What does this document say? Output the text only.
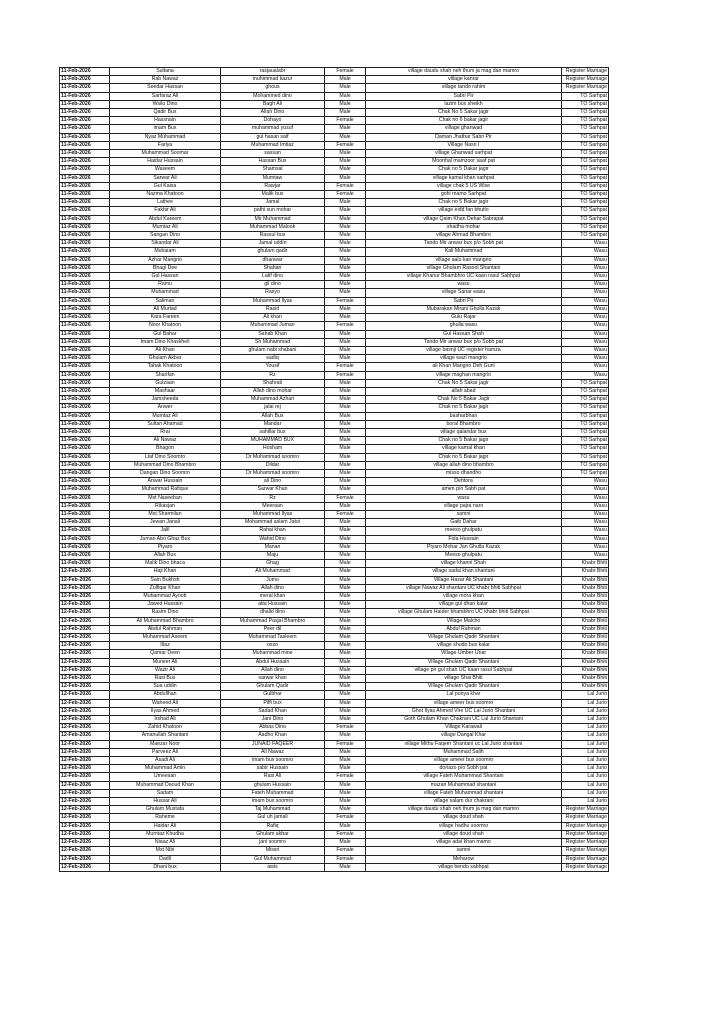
11-Feb-2026	Sultana	rasjaualabr	Female	village daudu shah neh thum ja mag dan mamro	Register Marriage
11-Feb-2026	Rab Nawaz	muhimmad kazur	Male	village kanrar	Register Marriage
11-Feb-2026	Seedar Hassan	ghous	Male	village tando rahim	Register Marriage
11-Feb-2026	Sarfaraz Ali	Mohammed dino	Male	Sabri Pir	TO Sarhpat
11-Feb-2026	Wsilu Dino	Bagh Ali	Male	lazim bux sheikh	TO Sarhpat
11-Feb-2026	Qadir Bux	Allah Dino	Male	Chak No 5 Sakar jagir	TO Sarhpat
11-Feb-2026	Hassnain	Dohayo	Female	Chak no 6 bakar jagir	TO Sarhpat
11-Feb-2026	imam Bux	muhammad yusuf	Male	village ghanwad	TO Sarhpat
11-Feb-2026	Nyaz Muhammad	gul hasan saif	Male	Daman Jhatbar Sabri Pir	TO Sarhpat
11-Feb-2026	Fariya	Muhammad Imtiaz	Female	Village Nasri I	TO Sarhpat
11-Feb-2026	Muhammad Soomar	sassan	Male	village Ghanwad sarhpat	TO Sarhpat
11-Feb-2026	Haidar Hussain	Hassan Bux	Male	Moonhal mamzoor saaf pat	TO Sarhpat
11-Feb-2026	Waseem	Shamsal	Male	Chak no 5 Dakar jagir	TO Sarhpat
11-Feb-2026	Sarwar Ali	Mumtaw	Male	village kamal khan sarhpat	TO Sarhpat
11-Feb-2026	Gul Kaisa	Rawjar	Female	village chak 5 US Wise	TO Sarhpat
11-Feb-2026	Nazma Khatoon	Malik bux	Female	gohi mamo Sarhpat	TO Sarhpat
11-Feb-2026	Lathee	Jamal	Male	Chak no 5 Bakar jagir	TO Sarhpat
11-Feb-2026	Fakhir Ali	pathi sun mohar	Male	village eidd fan bhutlo	TO Sarhpat
11-Feb-2026	Abdul Kareem	Mir Muhammad	Male	village Qaim Khan Dehar Sabrapat	TO Sarhpat
11-Feb-2026	Mumtaz Ali	Muhammad Malook	Male	shadha mohar	TO Sarhpat
11-Feb-2026	Sangan Dino	Rassul bux	Male	village Ahmad Bhambro	TO Sarhpat
11-Feb-2026	Sikandar Ali	Jamal uddin	Male	Tando Mir anwar bux p/o Sobh pat	Wasu
11-Feb-2026	Muhaiam	ghulam qadir	Male	Kali Muhammad	Wasu
11-Feb-2026	Azhar Mangrio	dhanwar	Male	village aalu kan mangrio	Wasu
11-Feb-2026	Bhagi Dee	Shahan	Male	village Ghulam Rasool Shantani	Wasu
11-Feb-2026	Gul Hassan	Latif dino	Male	village Khanur Bhambhro UC kaan rasul Sabhpat	Wasu
11-Feb-2026	Ramu	gil dino	Male	wasu	Wasu
11-Feb-2026	Muhammad	Rasyo	Male	village Sanar wasu	Wasu
11-Feb-2026	Saliman	Muhammad Ilyas	Female	Sabri Pir	Wasu
11-Feb-2026	Ali Murtad	Rasid	Male	Mubarakan Mirani Ghulla Kazak	Wasu
11-Feb-2026	Kara Fareen	Ali khan	Male	Gulu Rajar	Wasu
11-Feb-2026	Noor Khatoon	Muhammad Juman	Female	ghulla wasu	Wasu
11-Feb-2026	Gul Bahar	Sahab Khan	Male	Gul Hassan Shah	Wasu
11-Feb-2026	Imam Dino Khaskheli	Sh Muhammad	Male	Tando Mir anwar bux p/o Sobh pat	Wasu
11-Feb-2026	Ali Khan	ghulam nabi shabani	Male	village basnji UC register hamza	Wasu
11-Feb-2026	Ghulam Akbar	sadiq	Male	village wazi mangrio	Wasu
11-Feb-2026	Tahak Khatoon	Yousif	Female	ali Khan Mangrio Deh Guni	Wasu
11-Feb-2026	Sharifan	Rz	Female	village maghan mangrio	Wasu
11-Feb-2026	Gulzaan	Shahrati	Male	Chak No 5 Sakar jagir	TO Sarhpat
11-Feb-2026	Mashaar	Allah dino mohar	Male	allah abad	TO Sarhpat
11-Feb-2026	Jamsheeda	Muhammad Azhari	Male	Chak No 5 Bakar Jagir	TO Sarhpat
11-Feb-2026	Anwer	jalai rej	Male	Chak no 5 Bakar jagir	TO Sarhpat
11-Feb-2026	Mumtaz Ali	Allah Bux	Male	basharbhan	TO Sarhpat
11-Feb-2026	Sultan Ahamad	Mandar	Male	boral Bhambro	TO Sarhpat
11-Feb-2026	Rrai	sahillar bux	Male	village qalandar bux	TO Sarhpat
11-Feb-2026	Ali Nawaz	MUHAMMAD BUX	Male	Chak no 5 Bakar jagir	TO Sarhpat
11-Feb-2026	Bhagon	Hosham	Male	village kamal khan	TO Sarhpat
11-Feb-2026	Ltaf Dino Soomro	Dr Muhammad soomro	Male	Chak no 5 Bakar jagir	TO Sarhpat
11-Feb-2026	Muhammad Dino Bhambro	Dildar	Male	village allah dino bhambro	TO Sarhpat
11-Feb-2026	Dangan Dino Soomro	Dr Muhammad soomro	Male	misso dhandho	TO Sarhpat
11-Feb-2026	Anwar Hussain	ali Dino	Male	Dehtora	Wasu
11-Feb-2026	Muhammad Rafique	Sarwar Khan	Male	amen p/o Sabh pat	Wasu
11-Feb-2026	Mst Naseeban	Rz	Female	wasu	Wasu
11-Feb-2026	Rikasjan	Meeraan	Male	village pajra naro	Wasu
11-Feb-2026	Mst Sharmilan	Muhammad Ilyas	Female	samni	Wasu
11-Feb-2026	Jewan Janali	Mohammad aslam Jatoi	Male	Gaib Dahar	Wasu
11-Feb-2026	Jalil	Rahai khan	Male	meeso ghulpatu	Wasu
11-Feb-2026	Juman Abo Ghaz Bux	Wahid Dino	Male	Fida Hussain	Wasu
11-Feb-2026	Piyaro	Manan	Male	Piyaro Mohar Jan Ghulla Kazak	Wasu
11-Feb-2026	Allah Bux	Maju	Male	Meeso ghulpatu	Wasu
11-Feb-2026	Malik Dino bhaca	Ghag	Male	village khanni Shah	Khabr Bhiti
12-Feb-2026	Haji Khan	Ali Muhammad	Male	village sadai khan shantani	Khabr Bhiti
12-Feb-2026	Sain Bukhsh	Jumo	Male	Village Hasar Ali Shantani	Khabr Bhiti
12-Feb-2026	Zulfiqar Khan	Allah dino	Male	village Nawaz Ali shantani UC khabr bhiti Sabhpat	Khabr Bhiti
12-Feb-2026	Muhammad Ayoob	meral khan	Male	village mora khan	Khabr Bhiti
12-Feb-2026	Jawed Hussain	atta Hussain	Male	village gul dhan kalar	Khabr Bhiti
12-Feb-2026	Rasim Dino	dhalid dino	Male	village Ghulam Haider bhambhro UC khabr bhiti Sabhpat	Khabr Bhiti
12-Feb-2026	Ali Muhammad Bhambro	Muhammad Pasjal Bhambro	Male	Village Malcho	Khabr Bhiti
12-Feb-2026	Abdul Rahman	Peer dil	Male	Abdul Rahman	Khabr Bhiti
12-Feb-2026	Muhammad Aseem	Muhammad Tasleem	Male	Village Ghulam Qadir Shantani	Khabr Bhiti
12-Feb-2026	Iltaz	osso	Male	village shudo bux kalar	Khabr Bhiti
12-Feb-2026	Qamar Deen	Muhammad mine	Male	Village Umber Unar	Khabr Bhiti
12-Feb-2026	Muneer Ali	Abdul Hussain	Male	Village Ghulam Qadir Shantani	Khabr Bhiti
12-Feb-2026	Wazir Ali	Allah dino	Male	village pir gul shah UC kaan rasul Sabhpat	Khabr Bhiti
12-Feb-2026	Rasi Bux	sarwar khan	Male	village Shai Bhiti	Khabr Bhiti
12-Feb-2026	Sua uddin	Ghulam Qadir	Male	Village Ghulam Qadir Shantani	Khabr Bhiti
12-Feb-2026	Abdullhan	Gulbhar	Male	Lal punya khar	Lal Jurio
12-Feb-2026	Waheed Ali	Piffi bux	Male	village ameer bux soomro	Lal Jurio
12-Feb-2026	Ilyas Ahmed	Sadad Khan	Male	Ghot Ilyas Ahmed Vire UC Lal Jurio Shantani	Lal Jurio
12-Feb-2026	Irshad Ali	Jani Dino	Male	Goth Ghulam Khan Chakrani UC Lal Jurio Shantani	Lal Jurio
12-Feb-2026	Zahid Khatoon	Abbas Dino	Female	Village Karawali	Lal Jurio
12-Feb-2026	Amanullah Shantani	Aadho Khan	Male	village Dangal Khar	Lal Jurio
12-Feb-2026	Maezar Noor	JUNAID FAQEER	Female	village Mithu Faqeer Shantani uc Lal Jurio shantani	Lal Jurio
12-Feb-2026	Parveez Ali	Ali Nawaz	Male	Muhammad Salih	Lal Jurio
12-Feb-2026	Asadi Ali	imam bux soomro	Male	village ameer bux soomro	Lal Jurio
12-Feb-2026	Muhammad Amin	sabir Hussain	Male	doriazo p/o Sobh pat	Lal Jurio
12-Feb-2026	Umeesan	Rasi Ali	Female	village Fateh Muhammad Shantani	Lal Jurio
12-Feb-2026	Muhammad Daoud Khan	ghulam Hussain	Male	mazari Muhammad shantani	Lal Jurio
12-Feb-2026	Sadam	Fateh Muhammad	Male	village Fateh Muhammad shantani	Lal Jurio
12-Feb-2026	Hussar Ali	imam bux soomro	Male	village salam dur chakrani	Lal Jurio
12-Feb-2026	Ghulam Mustafa	Taj Muhammad	Male	village daudu shah neh thum ja mag dan mamro	Register Marriage
12-Feb-2026	Raheme	Gul uh jamali	Female	village doud shah	Register Marriage
12-Feb-2026	Haidar Ali	Rafiq	Male	village hadhu soomro	Register Marriage
12-Feb-2026	Mumtaz Khudha	Ghulam akbar	Female	village doud shah	Register Marriage
12-Feb-2026	Niaaz Ali	jani soomro	Male	village adai khan mamo	Register Marriage
12-Feb-2026	Mst Nibi	Missri	Female	samni	Register Marriage
12-Feb-2026	Dadli	Gul Muhammad	Female	Meharow	Register Marriage
12-Feb-2026	Dhani bux	awis	Male	village bendo sabhpat	Register Marriage
